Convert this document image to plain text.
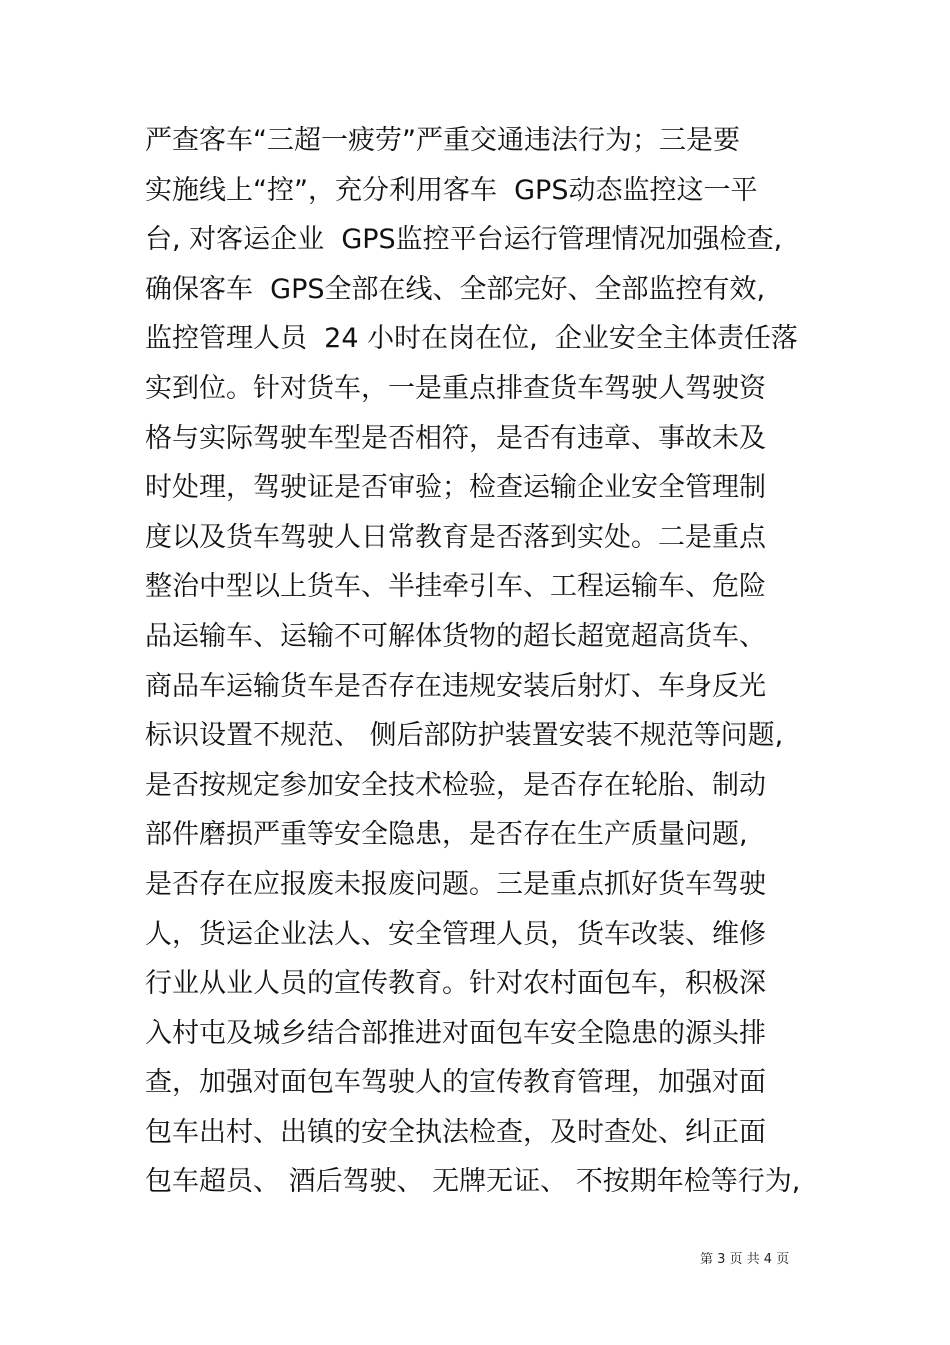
严查客车“三超一疲劳”严重交通违法行为；三是要
实施线上“控”，充分利用客车  GPS动态监控这一平
台, 对客运企业  GPS监控平台运行管理情况加强检查,
确保客车  GPS全部在线、全部完好、全部监控有效,
监控管理人员  24 小时在岗在位,  企业安全主体责任落
实到位。针对货车，一是重点排查货车驾驶人驾驶资
格与实际驾驶车型是否相符，是否有违章、事故未及
时处理，驾驶证是否审验；检查运输企业安全管理制
度以及货车驾驶人日常教育是否落到实处。二是重点
整治中型以上货车、半挂牵引车、工程运输车、危险
品运输车、运输不可解体货物的超长超宽超高货车、
商品车运输货车是否存在违规安装后射灯、车身反光
标识设置不规范、 侧后部防护装置安装不规范等问题,
是否按规定参加安全技术检验，是否存在轮胎、制动
部件磨损严重等安全隐患，是否存在生产质量问题,
是否存在应报废未报废问题。三是重点抓好货车驾驶
人，货运企业法人、安全管理人员，货车改装、维修
行业从业人员的宣传教育。针对农村面包车，积极深
入村屯及城乡结合部推进对面包车安全隐患的源头排
查，加强对面包车驾驶人的宣传教育管理，加强对面
包车出村、出镇的安全执法检查，及时查处、纠正面
包车超员、 酒后驾驶、 无牌无证、 不按期年检等行为,
第 3 页 共 4 页
